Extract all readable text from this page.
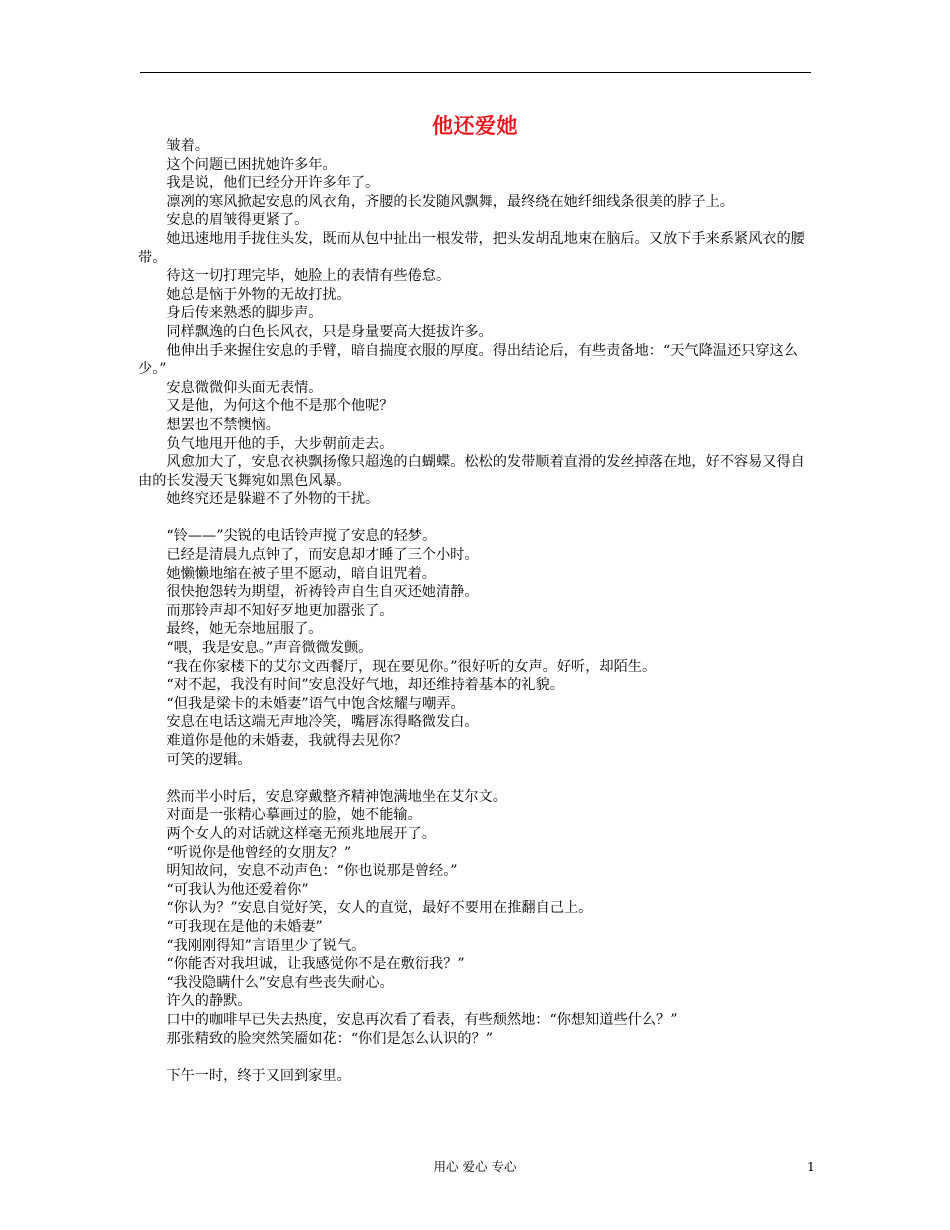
他还爱她

皱着。

这个问题已困扰她许多年。

我是说，他们已经分开许多年了。

凛冽的寒风掀起安息的风衣角，齐腰的长发随风飘舞，最终绕在她纤细线条很美的脖子上。

安息的眉皱得更紧了。

她迅速地用手拢住头发，既而从包中扯出一根发带，把头发胡乱地束在脑后。又放下手来系紧风衣的腰带。

待这一切打理完毕，她脸上的表情有些倦怠。

她总是恼于外物的无故打扰。

身后传来熟悉的脚步声。

同样飘逸的白色长风衣，只是身量要高大挺拔许多。

他伸出手来握住安息的手臂，暗自揣度衣服的厚度。得出结论后，有些责备地：“天气降温还只穿这么少。”

安息微微仰头面无表情。

又是他，为何这个他不是那个他呢？

想罢也不禁懊恼。

负气地甩开他的手，大步朝前走去。

风愈加大了，安息衣袂飘扬像只超逸的白蝴蝶。松松的发带顺着直滑的发丝掉落在地，好不容易又得自由的长发漫天飞舞宛如黑色风暴。

她终究还是躲避不了外物的干扰。

“铃——”尖锐的电话铃声搅了安息的轻梦。

已经是清晨九点钟了，而安息却才睡了三个小时。

她懒懒地缩在被子里不愿动，暗自诅咒着。

很快抱怨转为期望，祈祷铃声自生自灭还她清静。

而那铃声却不知好歹地更加嚣张了。

最终，她无奈地屈服了。

“喂，我是安息。”声音微微发颤。

“我在你家楼下的艾尔文西餐厅，现在要见你。”很好听的女声。好听，却陌生。

“对不起，我没有时间”安息没好气地，却还维持着基本的礼貌。

“但我是梁卡的未婚妻”语气中饱含炫耀与嘲弄。

安息在电话这端无声地冷笑，嘴唇冻得略微发白。

难道你是他的未婚妻，我就得去见你？

可笑的逻辑。

然而半小时后，安息穿戴整齐精神饱满地坐在艾尔文。

对面是一张精心摹画过的脸，她不能输。

两个女人的对话就这样毫无预兆地展开了。

“听说你是他曾经的女朋友？”

明知故问，安息不动声色：“你也说那是曾经。”

“可我认为他还爱着你”

“你认为？”安息自觉好笑，女人的直觉，最好不要用在推翻自己上。

“可我现在是他的未婚妻”

“我刚刚得知”言语里少了锐气。

“你能否对我坦诚，让我感觉你不是在敷衍我？”

“我没隐瞒什么”安息有些丧失耐心。

许久的静默。

口中的咖啡早已失去热度，安息再次看了看表，有些颓然地：“你想知道些什么？”

那张精致的脸突然笑靥如花：“你们是怎么认识的？”

下午一时，终于又回到家里。

用心 爱心 专心	1
